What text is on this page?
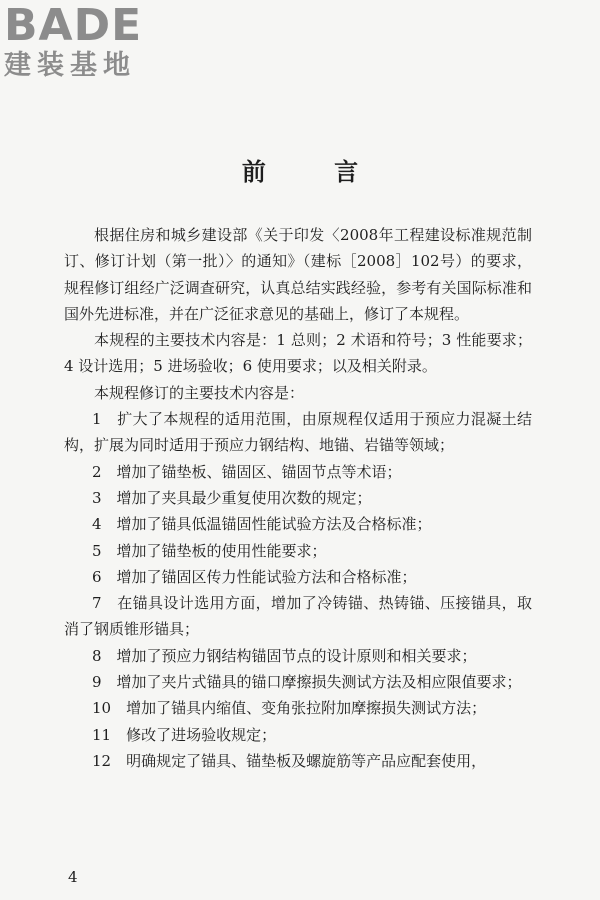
BADE
建装基地
前 言

根据住房和城乡建设部《关于印发〈2008年工程建设标准规范制订、修订计划（第一批）〉的通知》（建标［2008］102号）的要求，规程修订组经广泛调查研究，认真总结实践经验，参考有关国际标准和国外先进标准，并在广泛征求意见的基础上，修订了本规程。

本规程的主要技术内容是：1 总则；2 术语和符号；3 性能要求；4 设计选用；5 进场验收；6 使用要求；以及相关附录。

本规程修订的主要技术内容是：

1　扩大了本规程的适用范围，由原规程仅适用于预应力混凝土结构，扩展为同时适用于预应力钢结构、地锚、岩锚等领域；

2　增加了锚垫板、锚固区、锚固节点等术语；

3　增加了夹具最少重复使用次数的规定；

4　增加了锚具低温锚固性能试验方法及合格标准；

5　增加了锚垫板的使用性能要求；

6　增加了锚固区传力性能试验方法和合格标准；

7　在锚具设计选用方面，增加了冷铸锚、热铸锚、压接锚具，取消了钢质锥形锚具；

8　增加了预应力钢结构锚固节点的设计原则和相关要求；

9　增加了夹片式锚具的锚口摩擦损失测试方法及相应限值要求；

10　增加了锚具内缩值、变角张拉附加摩擦损失测试方法；

11　修改了进场验收规定；

12　明确规定了锚具、锚垫板及螺旋筋等产品应配套使用，

4
